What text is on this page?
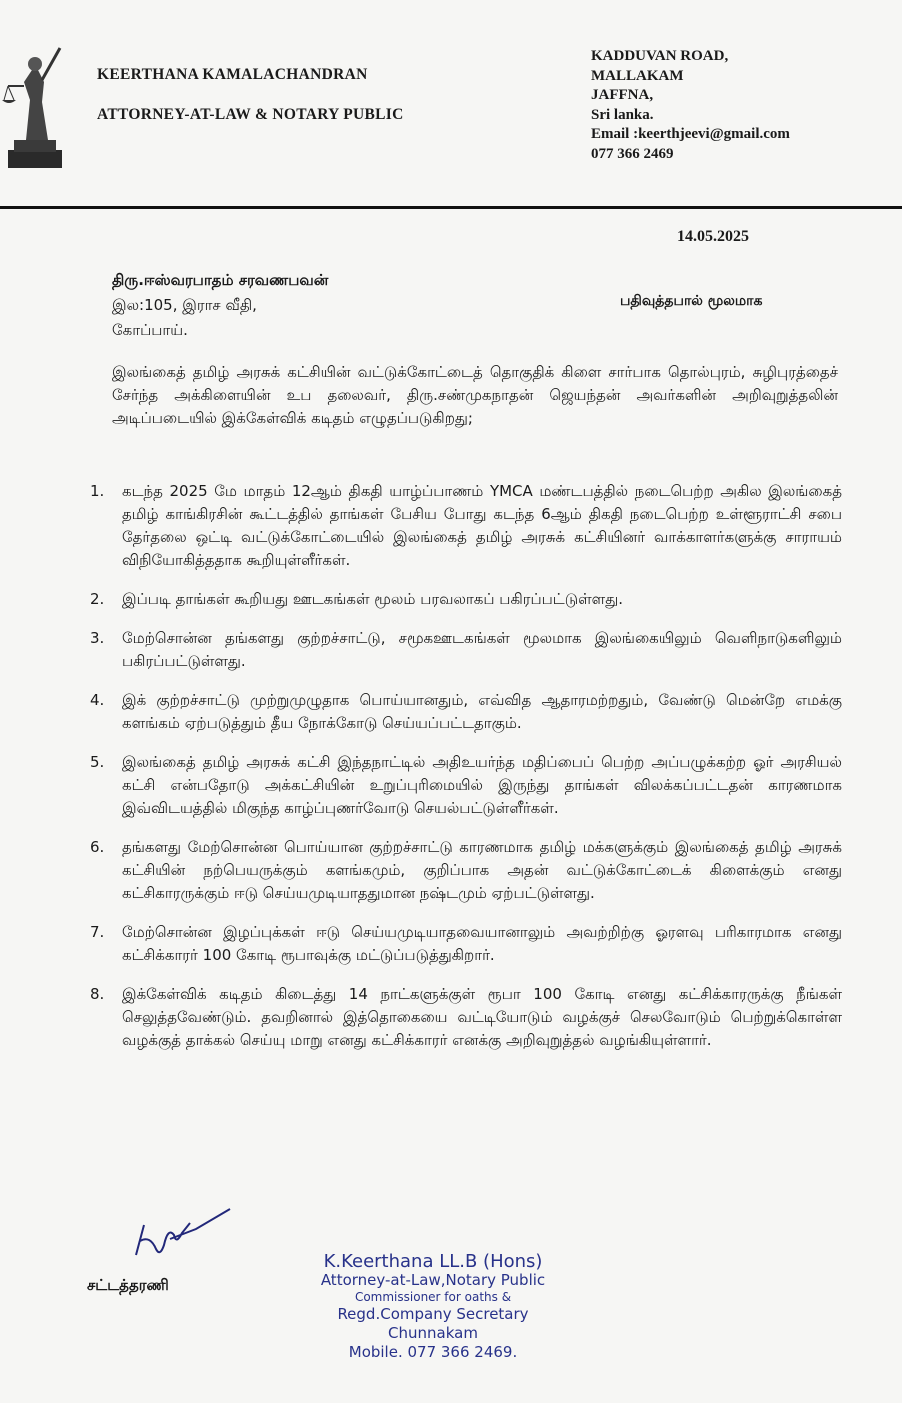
KEERTHANA KAMALACHANDRAN
ATTORNEY-AT-LAW & NOTARY PUBLIC
KADDUVAN ROAD,
MALLAKAM
JAFFNA,
Sri lanka.
Email :keerthjeevi@gmail.com
077 366 2469
14.05.2025
திரு.ஈஸ்வரபாதம் சரவணபவன்
இல:105, இராச வீதி,
கோப்பாய்.
பதிவுத்தபால் மூலமாக
இலங்கைத் தமிழ் அரசுக் கட்சியின் வட்டுக்கோட்டைத் தொகுதிக் கிளை சார்பாக தொல்புரம், சுழிபுரத்தைச் சேர்ந்த அக்கிளையின் உப தலைவர், திரு.சண்முகநாதன் ஜெயந்தன் அவர்களின் அறிவுறுத்தலின் அடிப்படையில் இக்கேள்விக் கடிதம் எழுதப்படுகிறது;
1. கடந்த 2025 மே மாதம் 12ஆம் திகதி யாழ்ப்பாணம் YMCA மண்டபத்தில் நடைபெற்ற அகில இலங்கைத் தமிழ் காங்கிரசின் கூட்டத்தில் தாங்கள் பேசிய போது கடந்த 6ஆம் திகதி நடைபெற்ற உள்ளூராட்சி சபை தேர்தலை ஒட்டி வட்டுக்கோட்டையில் இலங்கைத் தமிழ் அரசுக் கட்சியினர் வாக்காளர்களுக்கு சாராயம் விநியோகித்ததாக கூறியுள்ளீர்கள்.
2. இப்படி தாங்கள் கூறியது ஊடகங்கள் மூலம் பரவலாகப் பகிரப்பட்டுள்ளது.
3. மேற்சொன்ன தங்களது குற்றச்சாட்டு, சமூகஊடகங்கள் மூலமாக இலங்கையிலும் வெளிநாடுகளிலும் பகிரப்பட்டுள்ளது.
4. இக் குற்றச்சாட்டு முற்றுமுழுதாக பொய்யானதும், எவ்வித ஆதாரமற்றதும், வேண்டு மென்றே எமக்கு களங்கம் ஏற்படுத்தும் தீய நோக்கோடு செய்யப்பட்டதாகும்.
5. இலங்கைத் தமிழ் அரசுக் கட்சி இந்தநாட்டில் அதிஉயர்ந்த மதிப்பைப் பெற்ற அப்பழுக்கற்ற ஓர் அரசியல் கட்சி என்பதோடு அக்கட்சியின் உறுப்புரிமையில் இருந்து தாங்கள் விலக்கப்பட்டதன் காரணமாக இவ்விடயத்தில் மிகுந்த காழ்ப்புணர்வோடு செயல்பட்டுள்ளீர்கள்.
6. தங்களது மேற்சொன்ன பொய்யான குற்றச்சாட்டு காரணமாக தமிழ் மக்களுக்கும் இலங்கைத் தமிழ் அரசுக் கட்சியின் நற்பெயருக்கும் களங்கமும், குறிப்பாக அதன் வட்டுக்கோட்டைக் கிளைக்கும் எனது கட்சிகாரருக்கும் ஈடு செய்யமுடியாததுமான நஷ்டமும் ஏற்பட்டுள்ளது.
7. மேற்சொன்ன இழப்புக்கள் ஈடு செய்யமுடியாதவையானாலும் அவற்றிற்கு ஓரளவு பரிகாரமாக எனது கட்சிக்காரர் 100 கோடி ரூபாவுக்கு மட்டுப்படுத்துகிறார்.
8. இக்கேள்விக் கடிதம் கிடைத்து 14 நாட்களுக்குள் ரூபா 100 கோடி எனது கட்சிக்காரருக்கு நீங்கள் செலுத்தவேண்டும். தவறினால் இத்தொகையை வட்டியோடும் வழக்குச் செலவோடும் பெற்றுக்கொள்ள வழக்குத் தாக்கல் செய்யு மாறு எனது கட்சிக்காரர் எனக்கு அறிவுறுத்தல் வழங்கியுள்ளார்.
சட்டத்தரணி
K.Keerthana LL.B (Hons)
Attorney-at-Law,Notary Public
Commissioner for oaths &
Regd.Company Secretary
Chunnakam
Mobile. 077 366 2469.
